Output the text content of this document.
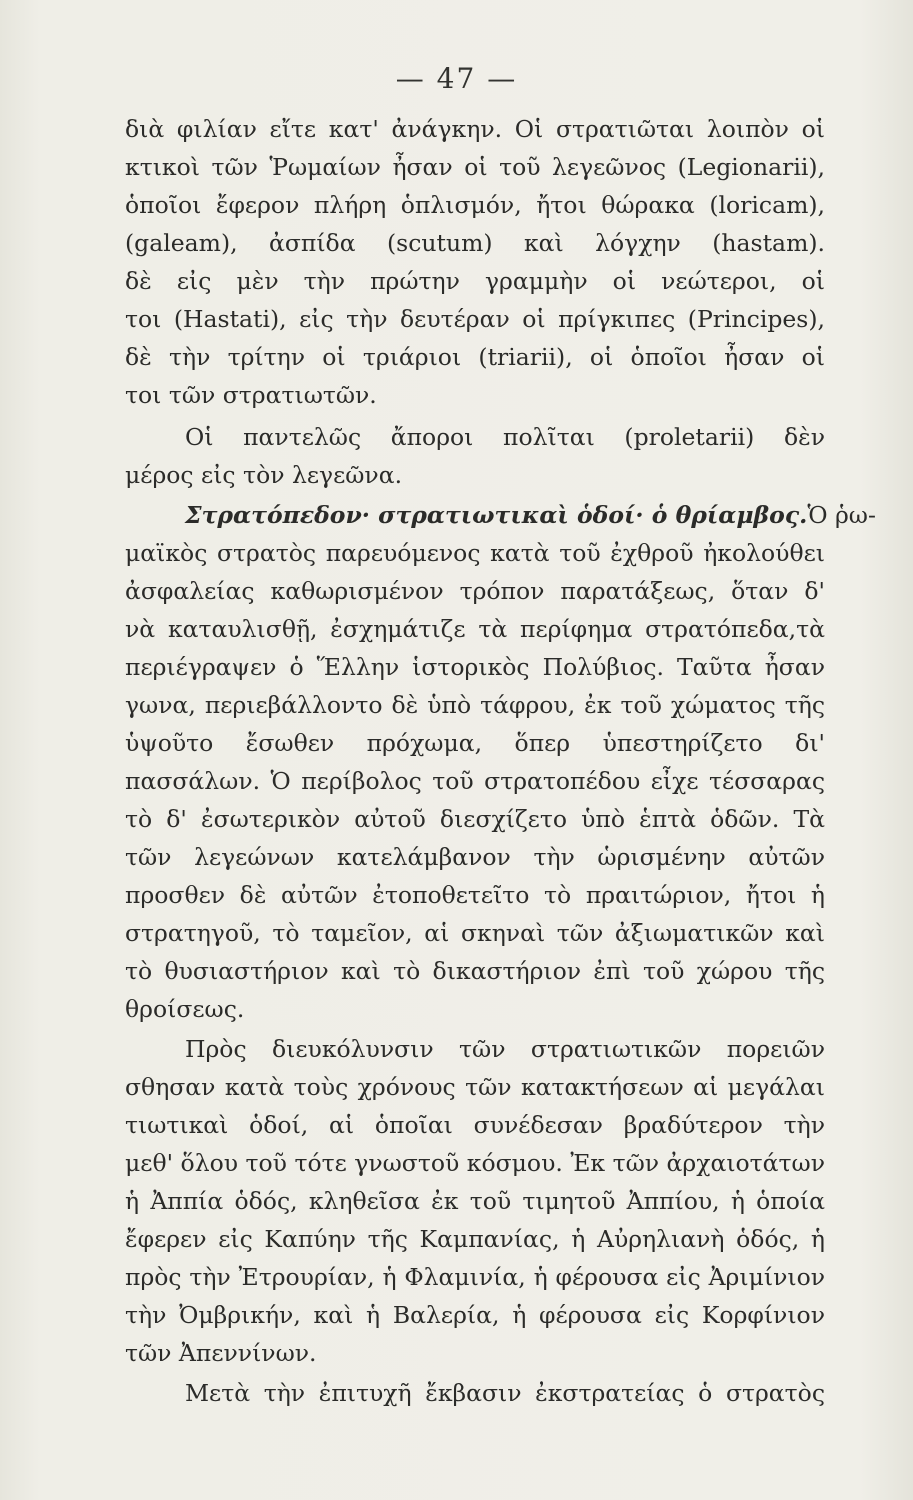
— 47 —
διὰ φιλίαν εἴτε κατ' ἀνάγκην. Οἱ στρατιῶται λοιπὸν οἱ
κτικοὶ τῶν Ῥωμαίων ἦσαν οἱ τοῦ λεγεῶνος (Legionarii),
ὁποῖοι ἔφερον πλήρη ὁπλισμόν, ἤτοι θώρακα (loricam),
(galeam), ἀσπίδα (scutum) καὶ λόγχην (hastam).
δὲ εἰς μὲν τὴν πρώτην γραμμὴν οἱ νεώτεροι, οἱ
τοι (Hastati), εἰς τὴν δευτέραν οἱ πρίγκιπες (Principes),
δὲ τὴν τρίτην οἱ τριάριοι (triarii), οἱ ὁποῖοι ἦσαν οἱ
τοι τῶν στρατιωτῶν.
Οἱ παντελῶς ἄποροι πολῖται (proletarii) δὲν
μέρος εἰς τὸν λεγεῶνα.
Στρατόπεδον· στρατιωτικαὶ ὁδοί· ὁ θρίαμβος. Ὁ ῥω-
μαϊκὸς στρατὸς παρευόμενος κατὰ τοῦ ἐχθροῦ ἠκολούθει
ἀσφαλείας καθωρισμένον τρόπον παρατάξεως, ὅταν δ'
νὰ καταυλισθῇ, ἐσχημάτιζε τὰ περίφημα στρατόπεδα,τὰ
περιέγραψεν ὁ Ἕλλην ἱστορικὸς Πολύβιος. Ταῦτα ἦσαν
γωνα, περιεβάλλοντο δὲ ὑπὸ τάφρου, ἐκ τοῦ χώματος τῆς
ὑψοῦτο ἔσωθεν πρόχωμα, ὅπερ ὑπεστηρίζετο δι'
πασσάλων. Ὁ περίβολος τοῦ στρατοπέδου εἶχε τέσσαρας
τὸ δ' ἐσωτερικὸν αὐτοῦ διεσχίζετο ὑπὸ ἑπτὰ ὁδῶν. Τὰ
τῶν λεγεώνων κατελάμβανον τὴν ὡρισμένην αὐτῶν
προσθεν δὲ αὐτῶν ἐτοποθετεῖτο τὸ πραιτώριον, ἤτοι ἡ
στρατηγοῦ, τὸ ταμεῖον, αἱ σκηναὶ τῶν ἀξιωματικῶν καὶ
τὸ θυσιαστήριον καὶ τὸ δικαστήριον ἐπὶ τοῦ χώρου τῆς
θροίσεως.
Πρὸς διευκόλυνσιν τῶν στρατιωτικῶν πορειῶν
σθησαν κατὰ τοὺς χρόνους τῶν κατακτήσεων αἱ μεγάλαι
τιωτικαὶ ὁδοί, αἱ ὁποῖαι συνέδεσαν βραδύτερον τὴν
μεθ' ὅλου τοῦ τότε γνωστοῦ κόσμου. Ἐκ τῶν ἀρχαιοτάτων
ἡ Ἀππία ὁδός, κληθεῖσα ἐκ τοῦ τιμητοῦ Ἀππίου, ἡ ὁποία
ἔφερεν εἰς Καπύην τῆς Καμπανίας, ἡ Αὐρηλιανὴ ὁδός, ἡ
πρὸς τὴν Ἐτρουρίαν, ἡ Φλαμινία, ἡ φέρουσα εἰς Ἀριμίνιον
τὴν Ὀμβρικήν, καὶ ἡ Βαλερία, ἡ φέρουσα εἰς Κορφίνιον
τῶν Ἀπεννίνων.
Μετὰ τὴν ἐπιτυχῆ ἔκβασιν ἐκστρατείας ὁ στρατὸς
